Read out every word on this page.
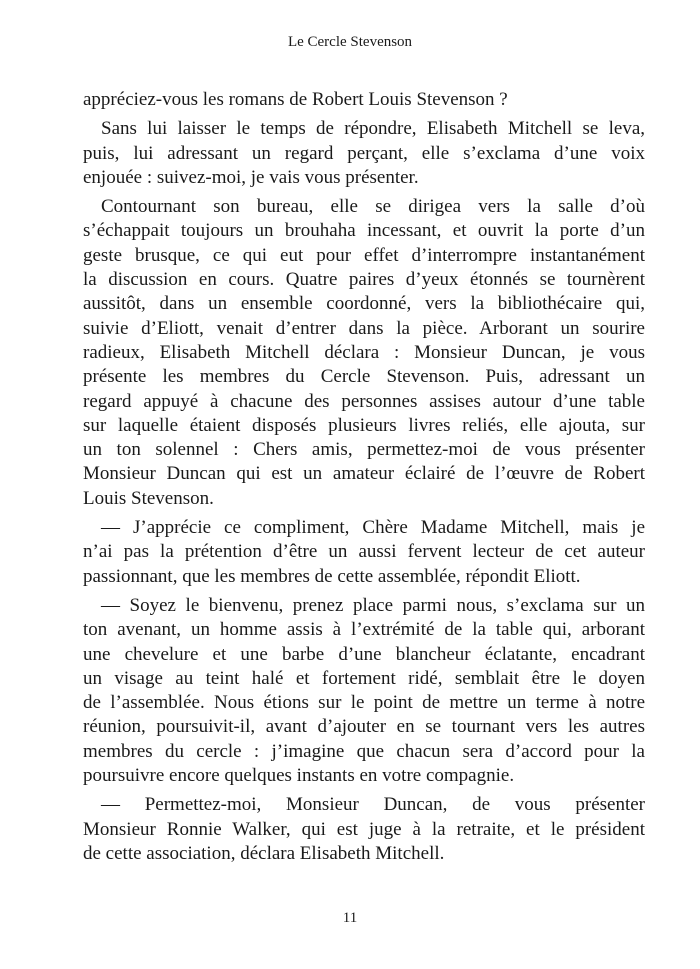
Le Cercle Stevenson
appréciez-vous les romans de Robert Louis Stevenson ?
Sans lui laisser le temps de répondre, Elisabeth Mitchell se leva,
puis, lui adressant un regard perçant, elle s’exclama d’une voix
enjouée : suivez-moi, je vais vous présenter.
Contournant son bureau, elle se dirigea vers la salle d’où
s’échappait toujours un brouhaha incessant, et ouvrit la porte d’un
geste brusque, ce qui eut pour effet d’interrompre instantanément
la discussion en cours. Quatre paires d’yeux étonnés se tournèrent
aussitôt, dans un ensemble coordonné, vers la bibliothécaire qui,
suivie d’Eliott, venait d’entrer dans la pièce. Arborant un sourire
radieux, Elisabeth Mitchell déclara : Monsieur Duncan, je vous
présente les membres du Cercle Stevenson. Puis, adressant un
regard appuyé à chacune des personnes assises autour d’une table
sur laquelle étaient disposés plusieurs livres reliés, elle ajouta, sur
un ton solennel : Chers amis, permettez-moi de vous présenter
Monsieur Duncan qui est un amateur éclairé de l’œuvre de Robert
Louis Stevenson.
— J’apprécie ce compliment, Chère Madame Mitchell, mais je
n’ai pas la prétention d’être un aussi fervent lecteur de cet auteur
passionnant, que les membres de cette assemblée, répondit Eliott.
— Soyez le bienvenu, prenez place parmi nous, s’exclama sur un
ton avenant, un homme assis à l’extrémité de la table qui, arborant
une chevelure et une barbe d’une blancheur éclatante, encadrant
un visage au teint halé et fortement ridé, semblait être le doyen
de l’assemblée. Nous étions sur le point de mettre un terme à notre
réunion, poursuivit-il, avant d’ajouter en se tournant vers les autres
membres du cercle : j’imagine que chacun sera d’accord pour la
poursuivre encore quelques instants en votre compagnie.
— Permettez-moi, Monsieur Duncan, de vous présenter
Monsieur Ronnie Walker, qui est juge à la retraite, et le président
de cette association, déclara Elisabeth Mitchell.
11
